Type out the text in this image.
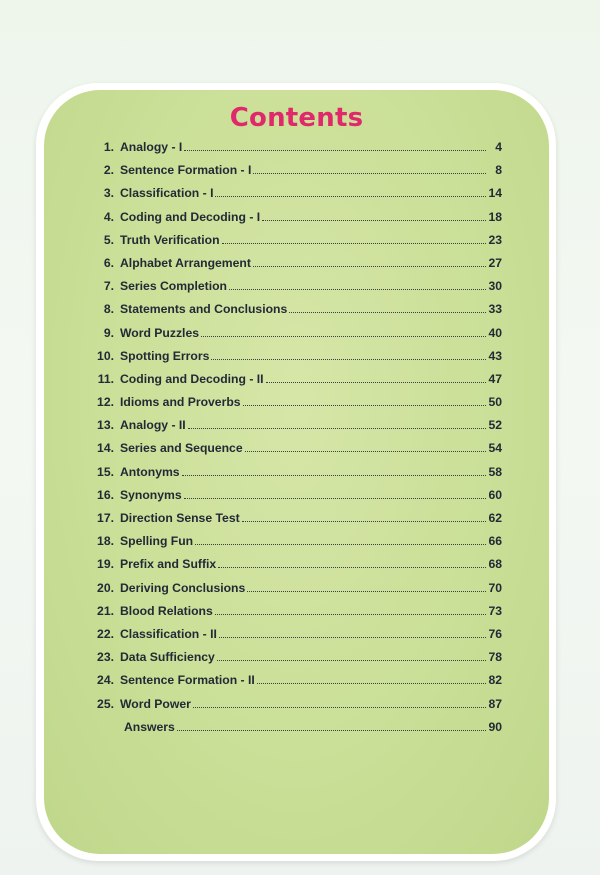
Contents
1. Analogy - I	4
2. Sentence Formation - I	8
3. Classification - I	14
4. Coding and Decoding - I	18
5. Truth Verification	23
6. Alphabet Arrangement	27
7. Series Completion	30
8. Statements and Conclusions	33
9. Word Puzzles	40
10. Spotting Errors	43
11. Coding and Decoding - II	47
12. Idioms and Proverbs	50
13. Analogy - II	52
14. Series and Sequence	54
15. Antonyms	58
16. Synonyms	60
17. Direction Sense Test	62
18. Spelling Fun	66
19. Prefix and Suffix	68
20. Deriving Conclusions	70
21. Blood Relations	73
22. Classification - II	76
23. Data Sufficiency	78
24. Sentence Formation - II	82
25. Word Power	87
Answers	90
